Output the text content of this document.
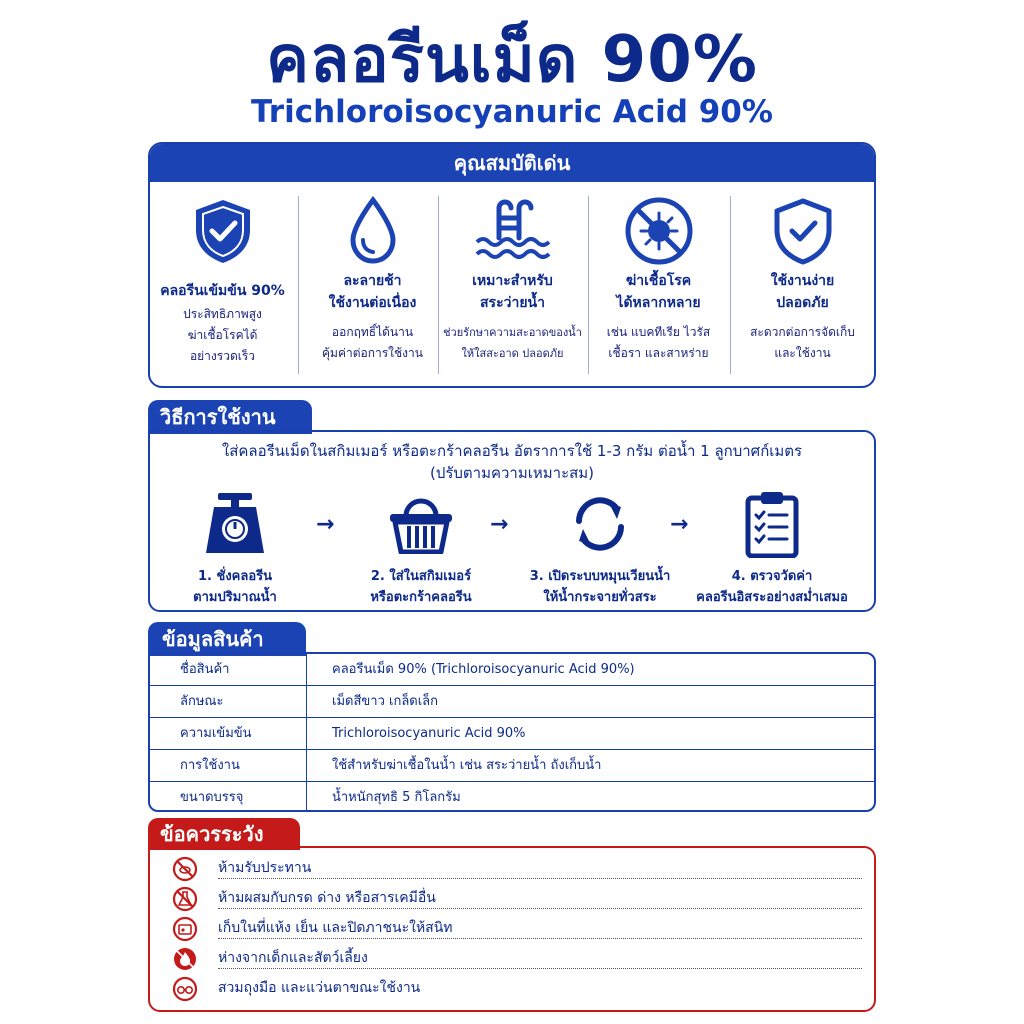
คลอรีนเม็ด 90%
Trichloroisocyanuric Acid 90%
คุณสมบัติเด่น
คลอรีนเข้มข้น 90%
ประสิทธิภาพสูง
ฆ่าเชื้อโรคได้
อย่างรวดเร็ว
ละลายช้า
ใช้งานต่อเนื่อง
ออกฤทธิ์ได้นาน
คุ้มค่าต่อการใช้งาน
เหมาะสำหรับ
สระว่ายน้ำ
ช่วยรักษาความสะอาดของน้ำ
ให้ใสสะอาด ปลอดภัย
ฆ่าเชื้อโรค
ได้หลากหลาย
เช่น แบคทีเรีย ไวรัส
เชื้อรา และสาหร่าย
ใช้งานง่าย
ปลอดภัย
สะดวกต่อการจัดเก็บ
และใช้งาน
วิธีการใช้งาน
ใส่คลอรีนเม็ดในสกิมเมอร์ หรือตะกร้าคลอรีน อัตราการใช้ 1-3 กรัม ต่อน้ำ 1 ลูกบาศก์เมตร
(ปรับตามความเหมาะสม)
1. ชั่งคลอรีน
ตามปริมาณน้ำ
→
2. ใส่ในสกิมเมอร์
หรือตะกร้าคลอรีน
→
3. เปิดระบบหมุนเวียนน้ำ
ให้น้ำกระจายทั่วสระ
→
4. ตรวจวัดค่า
คลอรีนอิสระอย่างสม่ำเสมอ
ข้อมูลสินค้า
ชื่อสินค้า	คลอรีนเม็ด 90% (Trichloroisocyanuric Acid 90%)
ลักษณะ	เม็ดสีขาว เกล็ดเล็ก
ความเข้มข้น	Trichloroisocyanuric Acid 90%
การใช้งาน	ใช้สำหรับฆ่าเชื้อในน้ำ เช่น สระว่ายน้ำ ถังเก็บน้ำ
ขนาดบรรจุ	น้ำหนักสุทธิ 5 กิโลกรัม
ข้อควรระวัง
ห้ามรับประทาน
ห้ามผสมกับกรด ด่าง หรือสารเคมีอื่น
เก็บในที่แห้ง เย็น และปิดภาชนะให้สนิท
ห่างจากเด็กและสัตว์เลี้ยง
สวมถุงมือ และแว่นตาขณะใช้งาน
